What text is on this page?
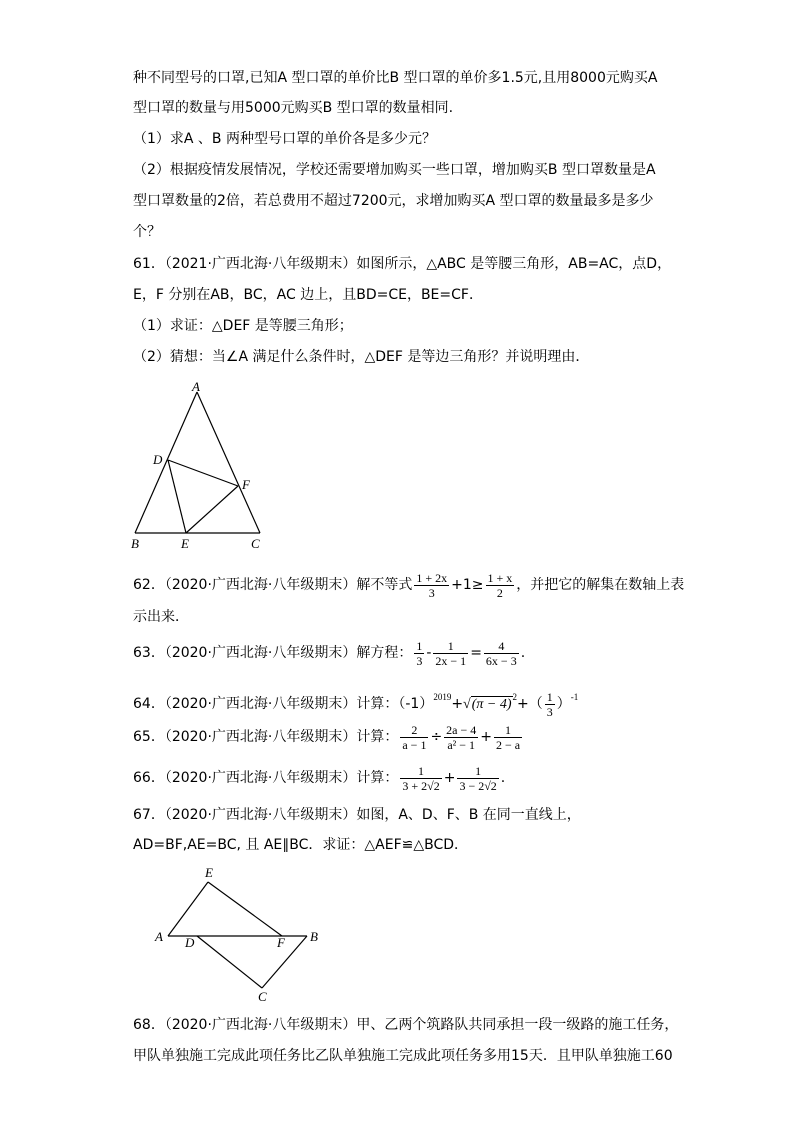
种不同型号的口罩,已知A 型口罩的单价比B 型口罩的单价多1.5元,且用8000元购买A
型口罩的数量与用5000元购买B 型口罩的数量相同.
（1）求A 、B 两种型号口罩的单价各是多少元？
（2）根据疫情发展情况，学校还需要增加购买一些口罩，增加购买B 型口罩数量是A
型口罩数量的2倍，若总费用不超过7200元，求增加购买A 型口罩的数量最多是多少
个？
61．（2021·广西北海·八年级期末）如图所示，△ABC 是等腰三角形，AB=AC，点D，
E，F 分别在AB，BC，AC 边上，且BD=CE，BE=CF．
（1）求证：△DEF 是等腰三角形；
（2）猜想：当∠A 满足什么条件时，△DEF 是等边三角形？并说明理由．
A
D
F
B	E	C
62．（2020·广西北海·八年级期末）解不等式 $\frac{1 + 2x}{3} +1\ge \frac{1 + x}{2}$ ，并把它的解集在数轴上表
示出来．
63．（2020·广西北海·八年级期末）解方程： $\frac{1}{3} - \frac{1}{2x - 1} = \frac{4}{6x - 3}$ .
64．（2020·广西北海·八年级期末）计算：$(-1)^{2019}+√(\pi - 4)^2+( \frac{1}{3} )^{-1}$
65．（2020·广西北海·八年级期末）计算： $\frac{2}{a - 1} \div \frac{2a - 4}{\text{a² − 1}} + \frac{1}{2 - a}$
66．（2020·广西北海·八年级期末）计算： $\frac{1}{3 + 2√2} + \frac{1}{3 - 2√2}$ .
67．（2020·广西北海·八年级期末）如图，A、D、F、B 在同一直线上，
AD=BF,AE=BC, 且 AE∥BC．求证：△AEF≌△BCD．
E
A D	F B
C
68．（2020·广西北海·八年级期末）甲、乙两个筑路队共同承担一段一级路的施工任务，
甲队单独施工完成此项任务比乙队单独施工完成此项任务多用15天．且甲队单独施工60
